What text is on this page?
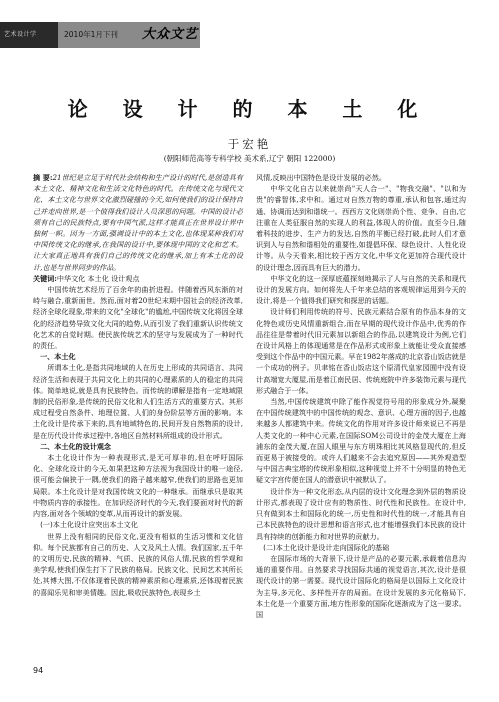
艺术设计学	2010年1月下刊 大众文艺
论 设 计 的 本 土 化
于宏艳
(朝阳师范高等专科学校 美术系,辽宁 朝阳 122000)

摘 要:21世纪是立足于时代社会结构和生产设计的时代,是创造具有本土文化、精神文化和生活文化特色的时代。在传统文化与现代文化、本土文化与世界文化激烈碰撞的今天,如何使我们的设计保持自己并走向世界,是一个值得我们设计人员深思的问题。中国的设计必须有自己的民族特点,要有中国气派,这样才能真正在世界设计界中独树一帜。因为一方面,强调设计中的本土文化,也体现某种我们对中国传统文化的继承,在我国的设计中,要体现中国的文化和艺术。让大家真正地具有我们自己的传统文化的继承,加上有本土化的设计,也是与世界同步的作品。

关键词:中华文化 本土化 设计观点

中国传统艺术经历了百余年的曲折进程。伴随着西风东渐的对峙与融合,重新面世。然而,面对着20世纪末期中国社会的经济改革,经济全球化现象,带来的文化"全球化"的尴尬,中国传统文化将因全球化的经济趋势导致文化大同的趋势,从而引发了我们重新认识传统文化艺术的自觉时期。使民族传统艺术的坚守与发展成为了一种时代的责任。

一、本土化

所谓本土化,是指共同地域的人在历史上形成的共同语言、共同经济生活和表现于共同文化上的共同的心理素质的人的稳定的共同体。简单地说,就是具有民族特色。而传统的谭解是指有一定地域限制的民俗形象,是传统的民俗文化和人们生活方式的重要方式。其形成过程受自然条件、地理位置、人们的身份阶层等方面的影响。本土化设计是传承下来的,具有地域特色的,民间开发自然物质的设计,是在历代设计传承过程中,各地区自然材料所组成的设计形式。

二、本土化的设计观念

本土化设计作为一种表现形式,是无可厚非的,但在呼吁国际化、全球化设计的今天,如果把这种方法视为我国设计的唯一途径,很可能会偏狭于一隅,使我们的路子越来越窄,使我们的思路也更加局限。本土化设计是对我国传统文化的一种继承。而继承只是取其中物质内容的承接性。在加识经济时代的今天,我们要面对时代的新内容,面对各个领域的变革,从而再设计的新发展。

(一)本土化设计应突出本土文化

世界上没有相同的民俗文化,更没有相似的生活习惯和文化信仰。每个民族都有自己的历史、人文及风土人情。我们国家,五千年的文明历史,民族的精神、气质、民族的风俗人情,民族的哲学观和美学观,使我们保生打下了民族的格局。民族文化、民间艺术其所长处,其博大图,不仅体现着民族的精神素质和心理素质,还体现着民族的喜闻乐见和审美情趣。因此,吸收民族特色,表现乡土

风情,反映出中国特色是设计发展的必然。

中华文化自古以来就崇尚"天人合一"、"物我交融"、"以和为贵"的睿智体,求中和。通过对自然万物的尊重,承认和包容,通过沟通、协调而达到和谐统一。西西方文化则崇尚个性、竞争、自由,它注重在人类征服自然的实现人的利益,体现人的价值。直至今日,随着科技的进步、生产力的发达,自然的平衡已经打破,此时人们才意识到人与自然和谐相处的重要性,如提倡环保、绿色设计、人性化设计等。从今天看来,相比较于西方文化,中华文化更加符合现代设计的设计理念,因而具有巨大的潜力。

中华文化的这一深厚底蕴探刻地揭示了人与自然的关系和现代设计的发展方向。如何将先人千年来总结的客观规律运用到今天的设计,将是一个值得我们研究和探思的话题。

设计师们利用传统的符号、民族元素结合原有的作品本身的文化特色或历史风情重新组合,而在早期的现代设计作品中,优秀的作品往往是带着时代旧元素加以新组合的作品,以建筑设计为例,它们在设计风格上的体现通常是在作品形式或形象上就能让受众直接感受到这个作品中的中国元素。早在1982年落成的北京香山饭店就是一个成功的例子。贝聿铭在香山饭店这个原清代皇家园囿中没有设计高端宽大厦屋,而是着江南民居、传统庭院中许多装饰元素与现代形式融合于一体。

当然,中国传统建筑中除了能作视觉符号用的形象成分外,凝聚在中国传统建筑中的中国传统的观念、意识、心理方面的因子,也越来越多人都建筑中来。传统文化的作用对许多设计师来说已不再是人类文化的一种中心元素,在国际SOM公司设计的金茂大厦在上海浦东的金茂大厦,在国人眼里与东方明珠相比其风格显现代的,但反而更易于被接受的。或许人们越来不会去追究原因——其外观造型与中国古典宝塔的传统形象相似,这种视觉上并不十分明显的特色无疑文字宫传便在国人的潜意识中被默认了。

设计作为一种文化形态,从内层的设计文化理念到外层的物质设计形式,都表现了设计应有的物质性、时代性和民族性。在设计中,只有做到本土和国际化的统一,历史性和时代性的统一,才能具有自己本民族特色的设计思想和语言形式,也才能增强我们本民族的设计具有持续的创新能力和对世界的贡献力。

(二)本土化设计是设计走向国际化的基础

在国际市场的大背景下,设计是产品的必要元素,承载着信息沟通的重要作用。自然要求寻找国际共通的视觉语言,其次,设计是很现代设计的第一需要。现代设计国际化的格局是以国际上文化设计为主导,多元化、多样性开存的局面。在设计发展的多元化格局下,本土化是一个重要方面,地方性形象的国际化逐渐成为了这一要求。国

94
